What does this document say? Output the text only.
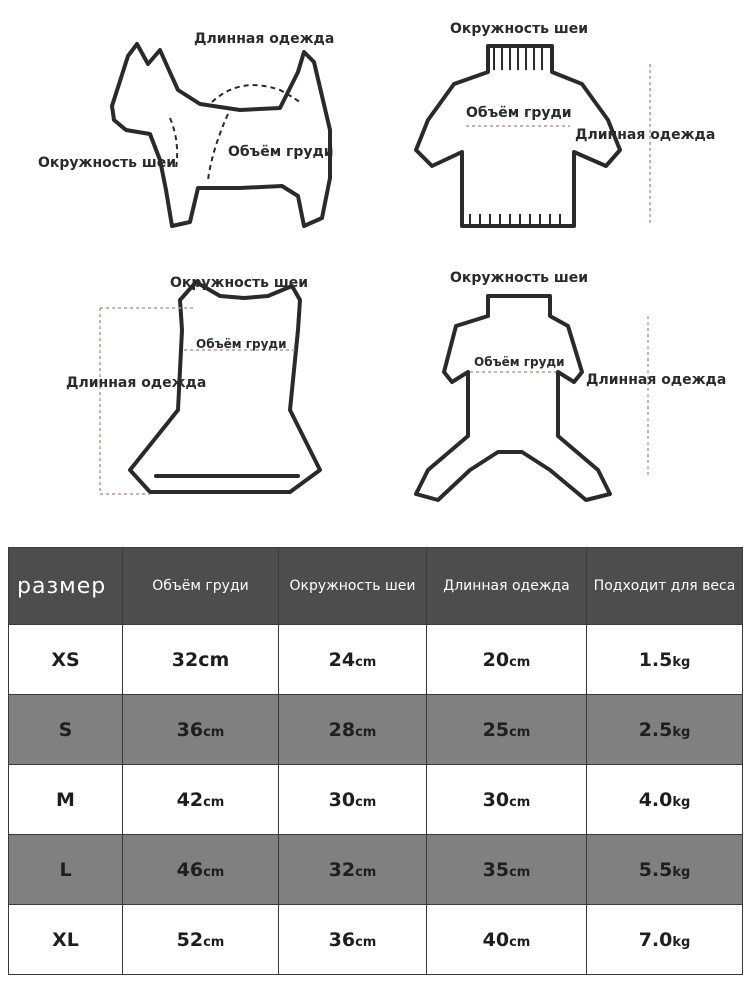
Длинная одежда
Окружность шеи
Объём груди
Окружность шеи
Объём груди
Длинная одежда
Окружность шеи
Объём груди
Длинная одежда
Окружность шеи
Объём груди
Длинная одежда
размер	Объём груди	Окружность шеи	Длинная одежда	Подходит для веса
XS	32cm	24cm	20cm	1.5kg
S	36cm	28cm	25cm	2.5kg
M	42cm	30cm	30cm	4.0kg
L	46cm	32cm	35cm	5.5kg
XL	52cm	36cm	40cm	7.0kg
